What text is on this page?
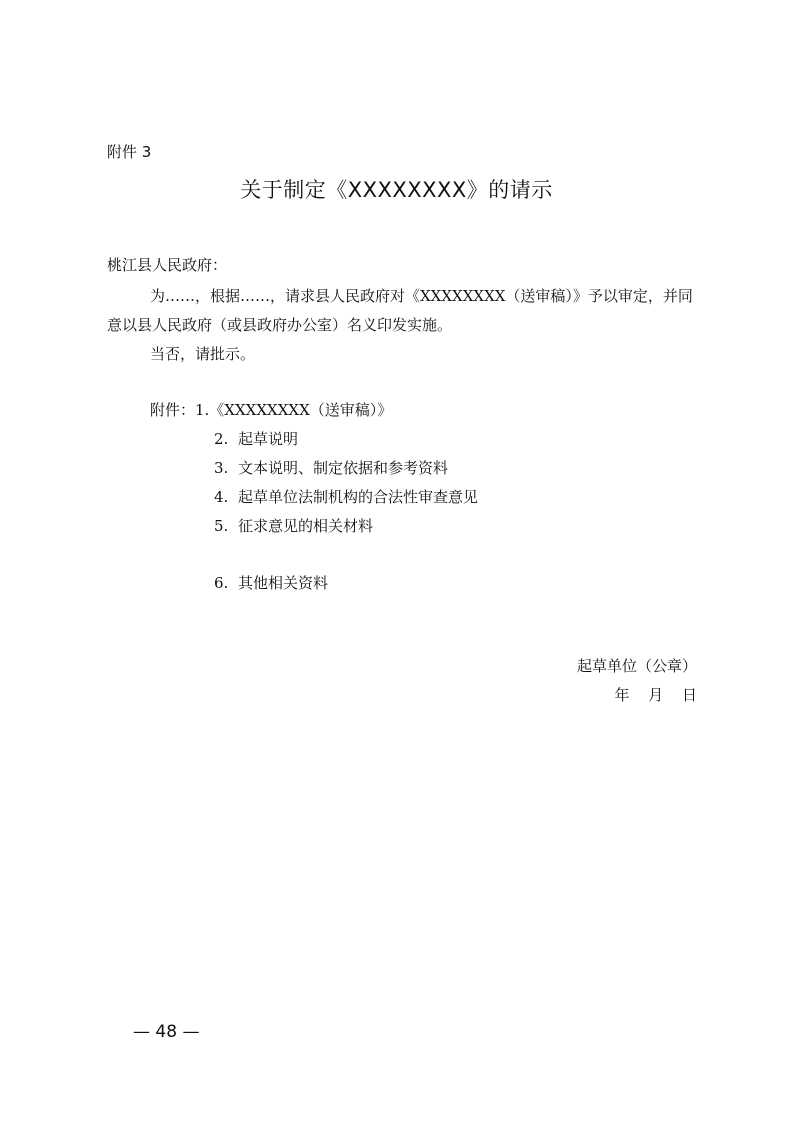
附件 3
关于制定《XXXXXXXX》的请示
桃江县人民政府：
为……，根据……，请求县人民政府对《XXXXXXXX（送审稿）》予以审定，并同
意以县人民政府（或县政府办公室）名义印发实施。
当否，请批示。
附件：1.《XXXXXXXX（送审稿）》
2. 起草说明
3. 文本说明、制定依据和参考资料
4. 起草单位法制机构的合法性审查意见
5. 征求意见的相关材料
6. 其他相关资料
起草单位（公章）
年 月 日
— 48 —
